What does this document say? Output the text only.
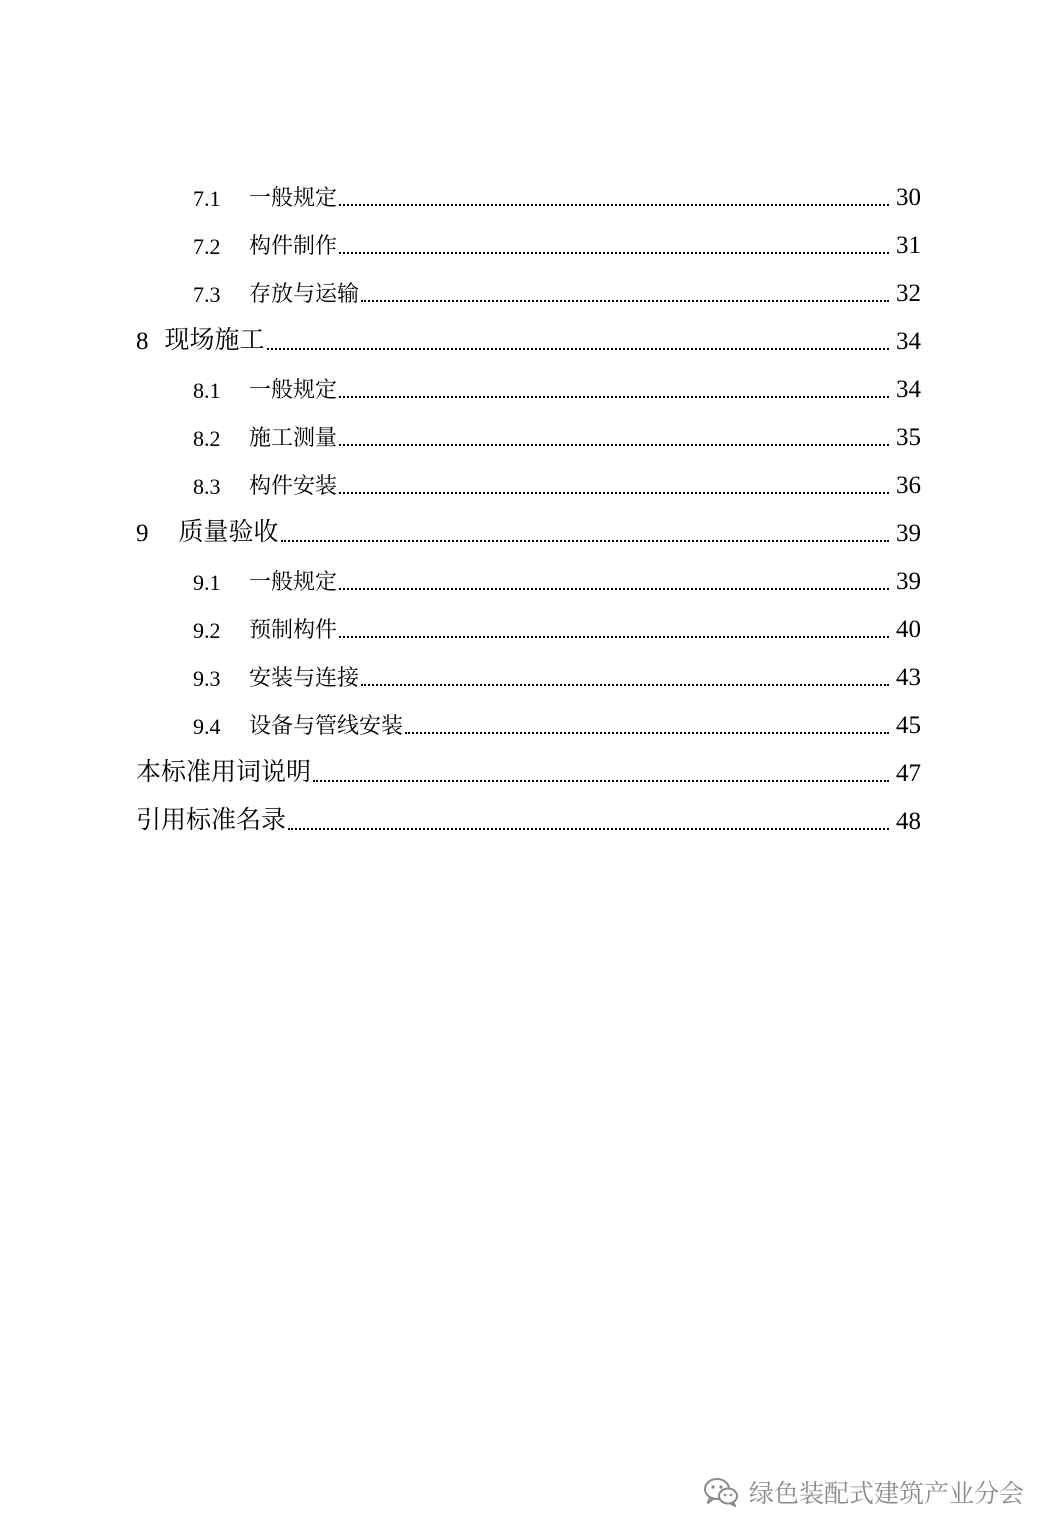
7.1	一般规定	30
7.2	构件制作	31
7.3	存放与运输	32
8 现场施工	34
8.1	一般规定	34
8.2	施工测量	35
8.3	构件安装	36
9 质量验收	39
9.1	一般规定	39
9.2	预制构件	40
9.3	安装与连接	43
9.4	设备与管线安装	45
本标准用词说明	47
引用标准名录	48
绿色装配式建筑产业分会
